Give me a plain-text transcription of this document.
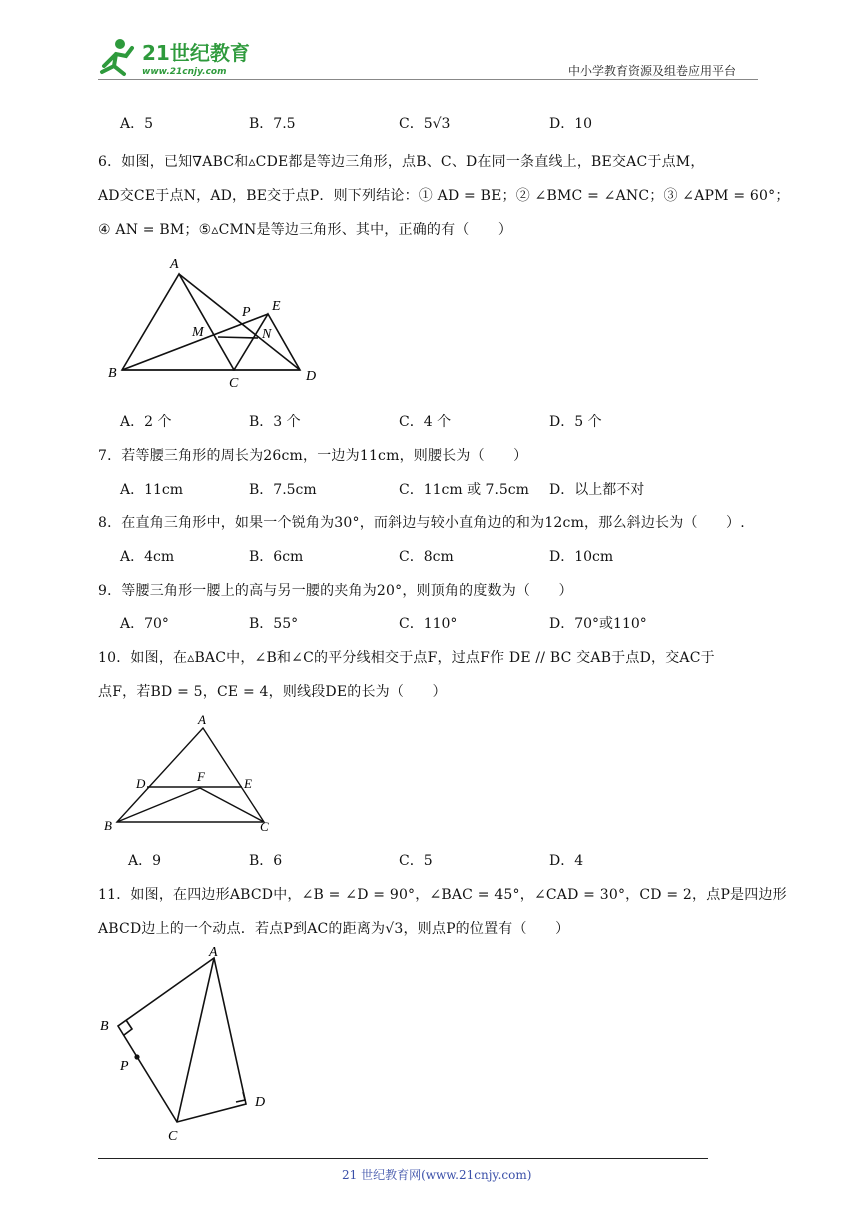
21世纪教育
www.21cnjy.com	中小学教育资源及组卷应用平台
A．5	B．7.5	C．5√3	D．10
6．如图，已知∇ABC和▵CDE都是等边三角形，点B、C、D在同一条直线上，BE交AC于点M，
AD交CE于点N，AD，BE交于点P．则下列结论：① AD = BE；② ∠BMC = ∠ANC；③ ∠APM = 60°；
④ AN = BM；⑤▵CMN是等边三角形、其中，正确的有（　　）
A
P E
M	N
B
C	D
A．2 个	B．3 个	C．4 个	D．5 个
7．若等腰三角形的周长为26cm，一边为11cm，则腰长为（　　）
A．11cm	B．7.5cm	C．11cm 或 7.5cm D．以上都不对
8．在直角三角形中，如果一个锐角为30°，而斜边与较小直角边的和为12cm，那么斜边长为（　　）.
A．4cm	B．6cm	C．8cm	D．10cm
9．等腰三角形一腰上的高与另一腰的夹角为20°，则顶角的度数为（　　）
A．70°	B．55°	C．110°	D．70°或110°
10．如图，在▵BAC中，∠B和∠C的平分线相交于点F，过点F作 DE // BC 交AB于点D，交AC于
点F，若BD = 5，CE = 4，则线段DE的长为（　　）
A
D	F	E
B	C
A．9	B．6	C．5	D．4
11．如图，在四边形ABCD中，∠B = ∠D = 90°，∠BAC = 45°，∠CAD = 30°，CD = 2，点P是四边形
ABCD边上的一个动点．若点P到AC的距离为√3，则点P的位置有（　　）
A
B
P
D
C
21 世纪教育网(www.21cnjy.com)
